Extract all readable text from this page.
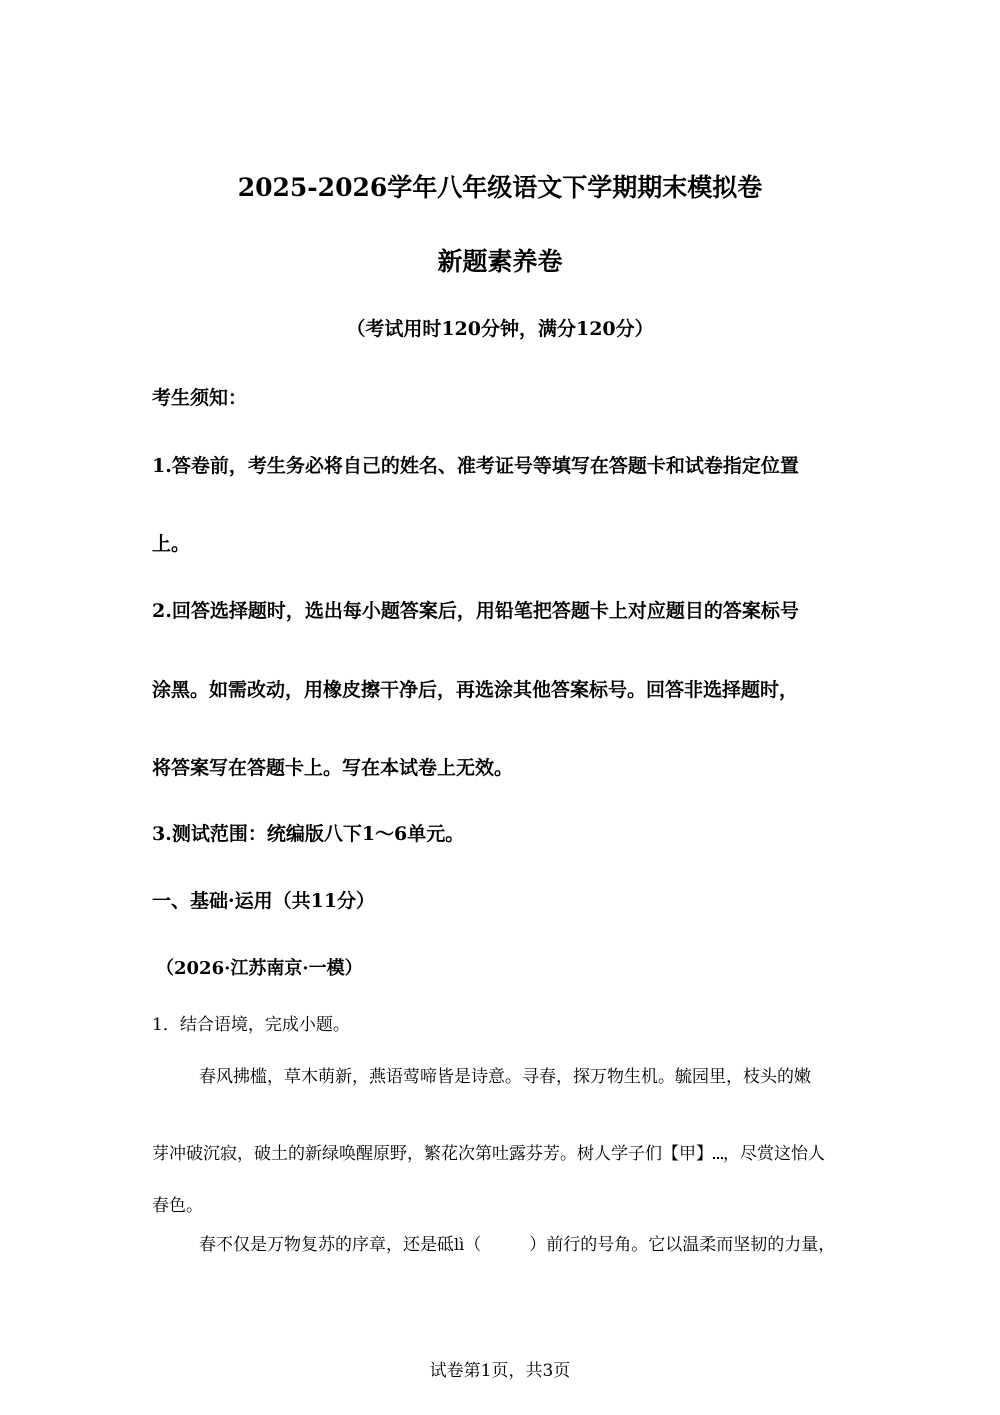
2025-2026学年八年级语文下学期期末模拟卷
新题素养卷
（考试用时120分钟，满分120分）
考生须知：
1.答卷前，考生务必将自己的姓名、准考证号等填写在答题卡和试卷指定位置
上。
2.回答选择题时，选出每小题答案后，用铅笔把答题卡上对应题目的答案标号
涂黑。如需改动，用橡皮擦干净后，再选涂其他答案标号。回答非选择题时，
将答案写在答题卡上。写在本试卷上无效。
3.测试范围：统编版八下1～6单元。
一、基础·运用（共11分）
（2026·江苏南京·一模）
1．结合语境，完成小题。
春风拂槛，草木萌新，燕语莺啼皆是诗意。寻春，探万物生机。毓园里，枝头的嫩
芽冲破沉寂，破土的新绿唤醒原野，繁花次第吐露芬芳。树人学子们【甲】 ，尽赏这怡人
春色。
春不仅是万物复苏的序章，还是砥lì（	）前行的号角。它以温柔而坚韧的力量，
试卷第1页，共3页
